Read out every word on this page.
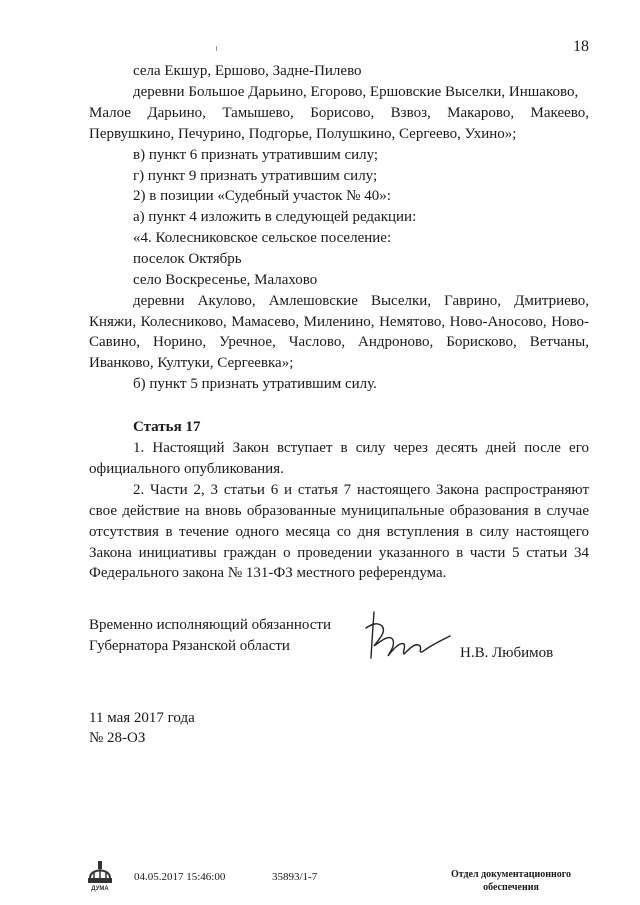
18
села Екшур, Ершово, Задне-Пилево
деревни Большое Дарьино, Егорово, Ершовские Выселки, Иншаково,
Малое Дарьино, Тамышево, Борисово, Взвоз, Макарово, Макеево,
Первушкино, Печурино, Подгорье, Полушкино, Сергеево, Ухино»;
в) пункт 6 признать утратившим силу;
г) пункт 9 признать утратившим силу;
2) в позиции «Судебный участок № 40»:
а) пункт 4 изложить в следующей редакции:
«4. Колесниковское сельское поселение:
поселок Октябрь
село Воскресенье, Малахово
деревни Акулово, Амлешовские Выселки, Гаврино, Дмитриево,
Княжи, Колесниково, Мамасево, Миленино, Немятово, Ново-Аносово, Ново-
Савино, Норино, Уречное, Часлово, Андроново, Борисково, Ветчаны,
Иванково, Култуки, Сергеевка»;
б) пункт 5 признать утратившим силу.
Статья 17
1. Настоящий Закон вступает в силу через десять дней после его
официального опубликования.
2. Части 2, 3 статьи 6 и статья 7 настоящего Закона распространяют
свое действие на вновь образованные муниципальные образования в случае
отсутствия в течение одного месяца со дня вступления в силу настоящего
Закона инициативы граждан о проведении указанного в части 5 статьи 34
Федерального закона № 131-ФЗ местного референдума.
Временно исполняющий обязанности
Губернатора Рязанской области	Н.В. Любимов
11 мая 2017 года
№ 28-ОЗ
ДУМА
04.05.2017 15:46:00	35893/1-7	Отдел документационного
обеспечения
